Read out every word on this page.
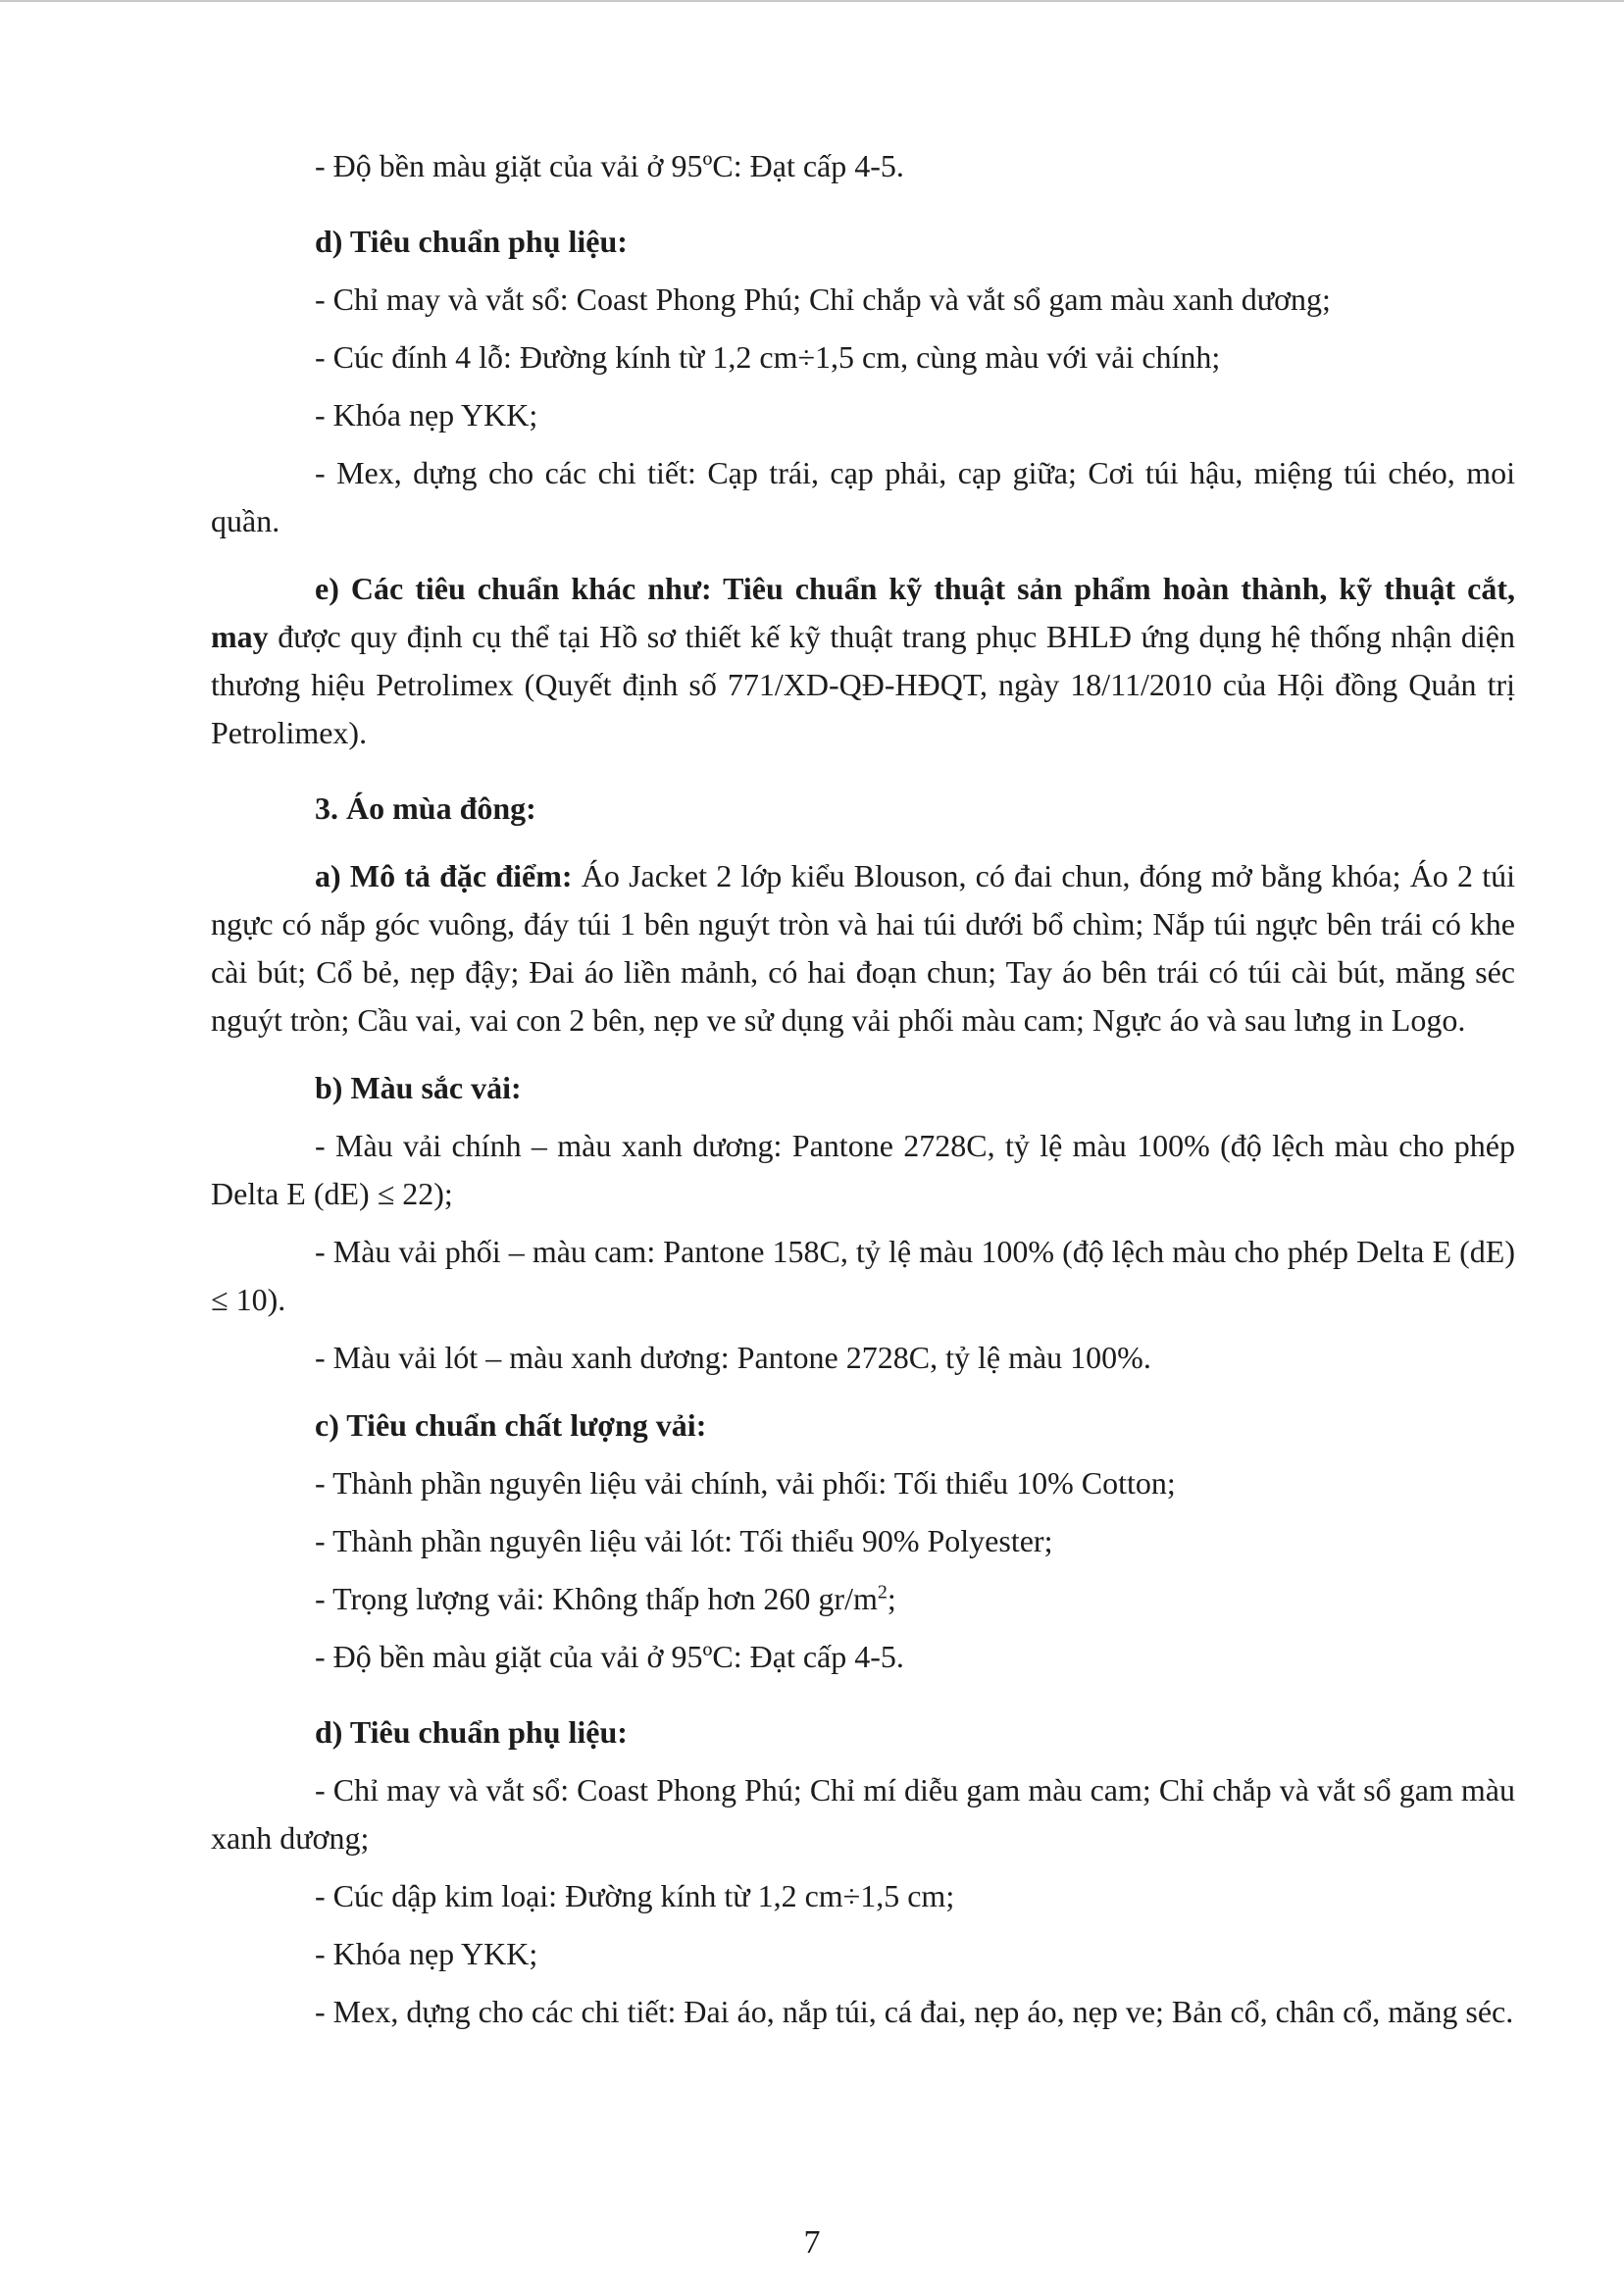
- Độ bền màu giặt của vải ở 95ºC: Đạt cấp 4-5.

d) Tiêu chuẩn phụ liệu:

- Chỉ may và vắt sổ: Coast Phong Phú; Chỉ chắp và vắt sổ gam màu xanh dương;

- Cúc đính 4 lỗ: Đường kính từ 1,2 cm÷1,5 cm, cùng màu với vải chính;

- Khóa nẹp YKK;

- Mex, dựng cho các chi tiết: Cạp trái, cạp phải, cạp giữa; Cơi túi hậu, miệng túi chéo, moi quần.

e) Các tiêu chuẩn khác như: Tiêu chuẩn kỹ thuật sản phẩm hoàn thành, kỹ thuật cắt, may được quy định cụ thể tại Hồ sơ thiết kế kỹ thuật trang phục BHLĐ ứng dụng hệ thống nhận diện thương hiệu Petrolimex (Quyết định số 771/XD-QĐ-HĐQT, ngày 18/11/2010 của Hội đồng Quản trị Petrolimex).

3. Áo mùa đông:

a) Mô tả đặc điểm: Áo Jacket 2 lớp kiểu Blouson, có đai chun, đóng mở bằng khóa; Áo 2 túi ngực có nắp góc vuông, đáy túi 1 bên nguýt tròn và hai túi dưới bổ chìm; Nắp túi ngực bên trái có khe cài bút; Cổ bẻ, nẹp đậy; Đai áo liền mảnh, có hai đoạn chun; Tay áo bên trái có túi cài bút, măng séc nguýt tròn; Cầu vai, vai con 2 bên, nẹp ve sử dụng vải phối màu cam; Ngực áo và sau lưng in Logo.

b) Màu sắc vải:

- Màu vải chính – màu xanh dương: Pantone 2728C, tỷ lệ màu 100% (độ lệch màu cho phép Delta E (dE) ≤ 22);

- Màu vải phối – màu cam: Pantone 158C, tỷ lệ màu 100% (độ lệch màu cho phép Delta E (dE) ≤ 10).

- Màu vải lót – màu xanh dương: Pantone 2728C, tỷ lệ màu 100%.

c) Tiêu chuẩn chất lượng vải:

- Thành phần nguyên liệu vải chính, vải phối: Tối thiểu 10% Cotton;

- Thành phần nguyên liệu vải lót: Tối thiểu 90% Polyester;

- Trọng lượng vải: Không thấp hơn 260 $gr/m^2$;

- Độ bền màu giặt của vải ở 95ºC: Đạt cấp 4-5.

d) Tiêu chuẩn phụ liệu:

- Chỉ may và vắt sổ: Coast Phong Phú; Chỉ mí diễu gam màu cam; Chỉ chắp và vắt sổ gam màu xanh dương;

- Cúc dập kim loại: Đường kính từ 1,2 cm÷1,5 cm;

- Khóa nẹp YKK;

- Mex, dựng cho các chi tiết: Đai áo, nắp túi, cá đai, nẹp áo, nẹp ve; Bản cổ, chân cổ, măng séc.

7
